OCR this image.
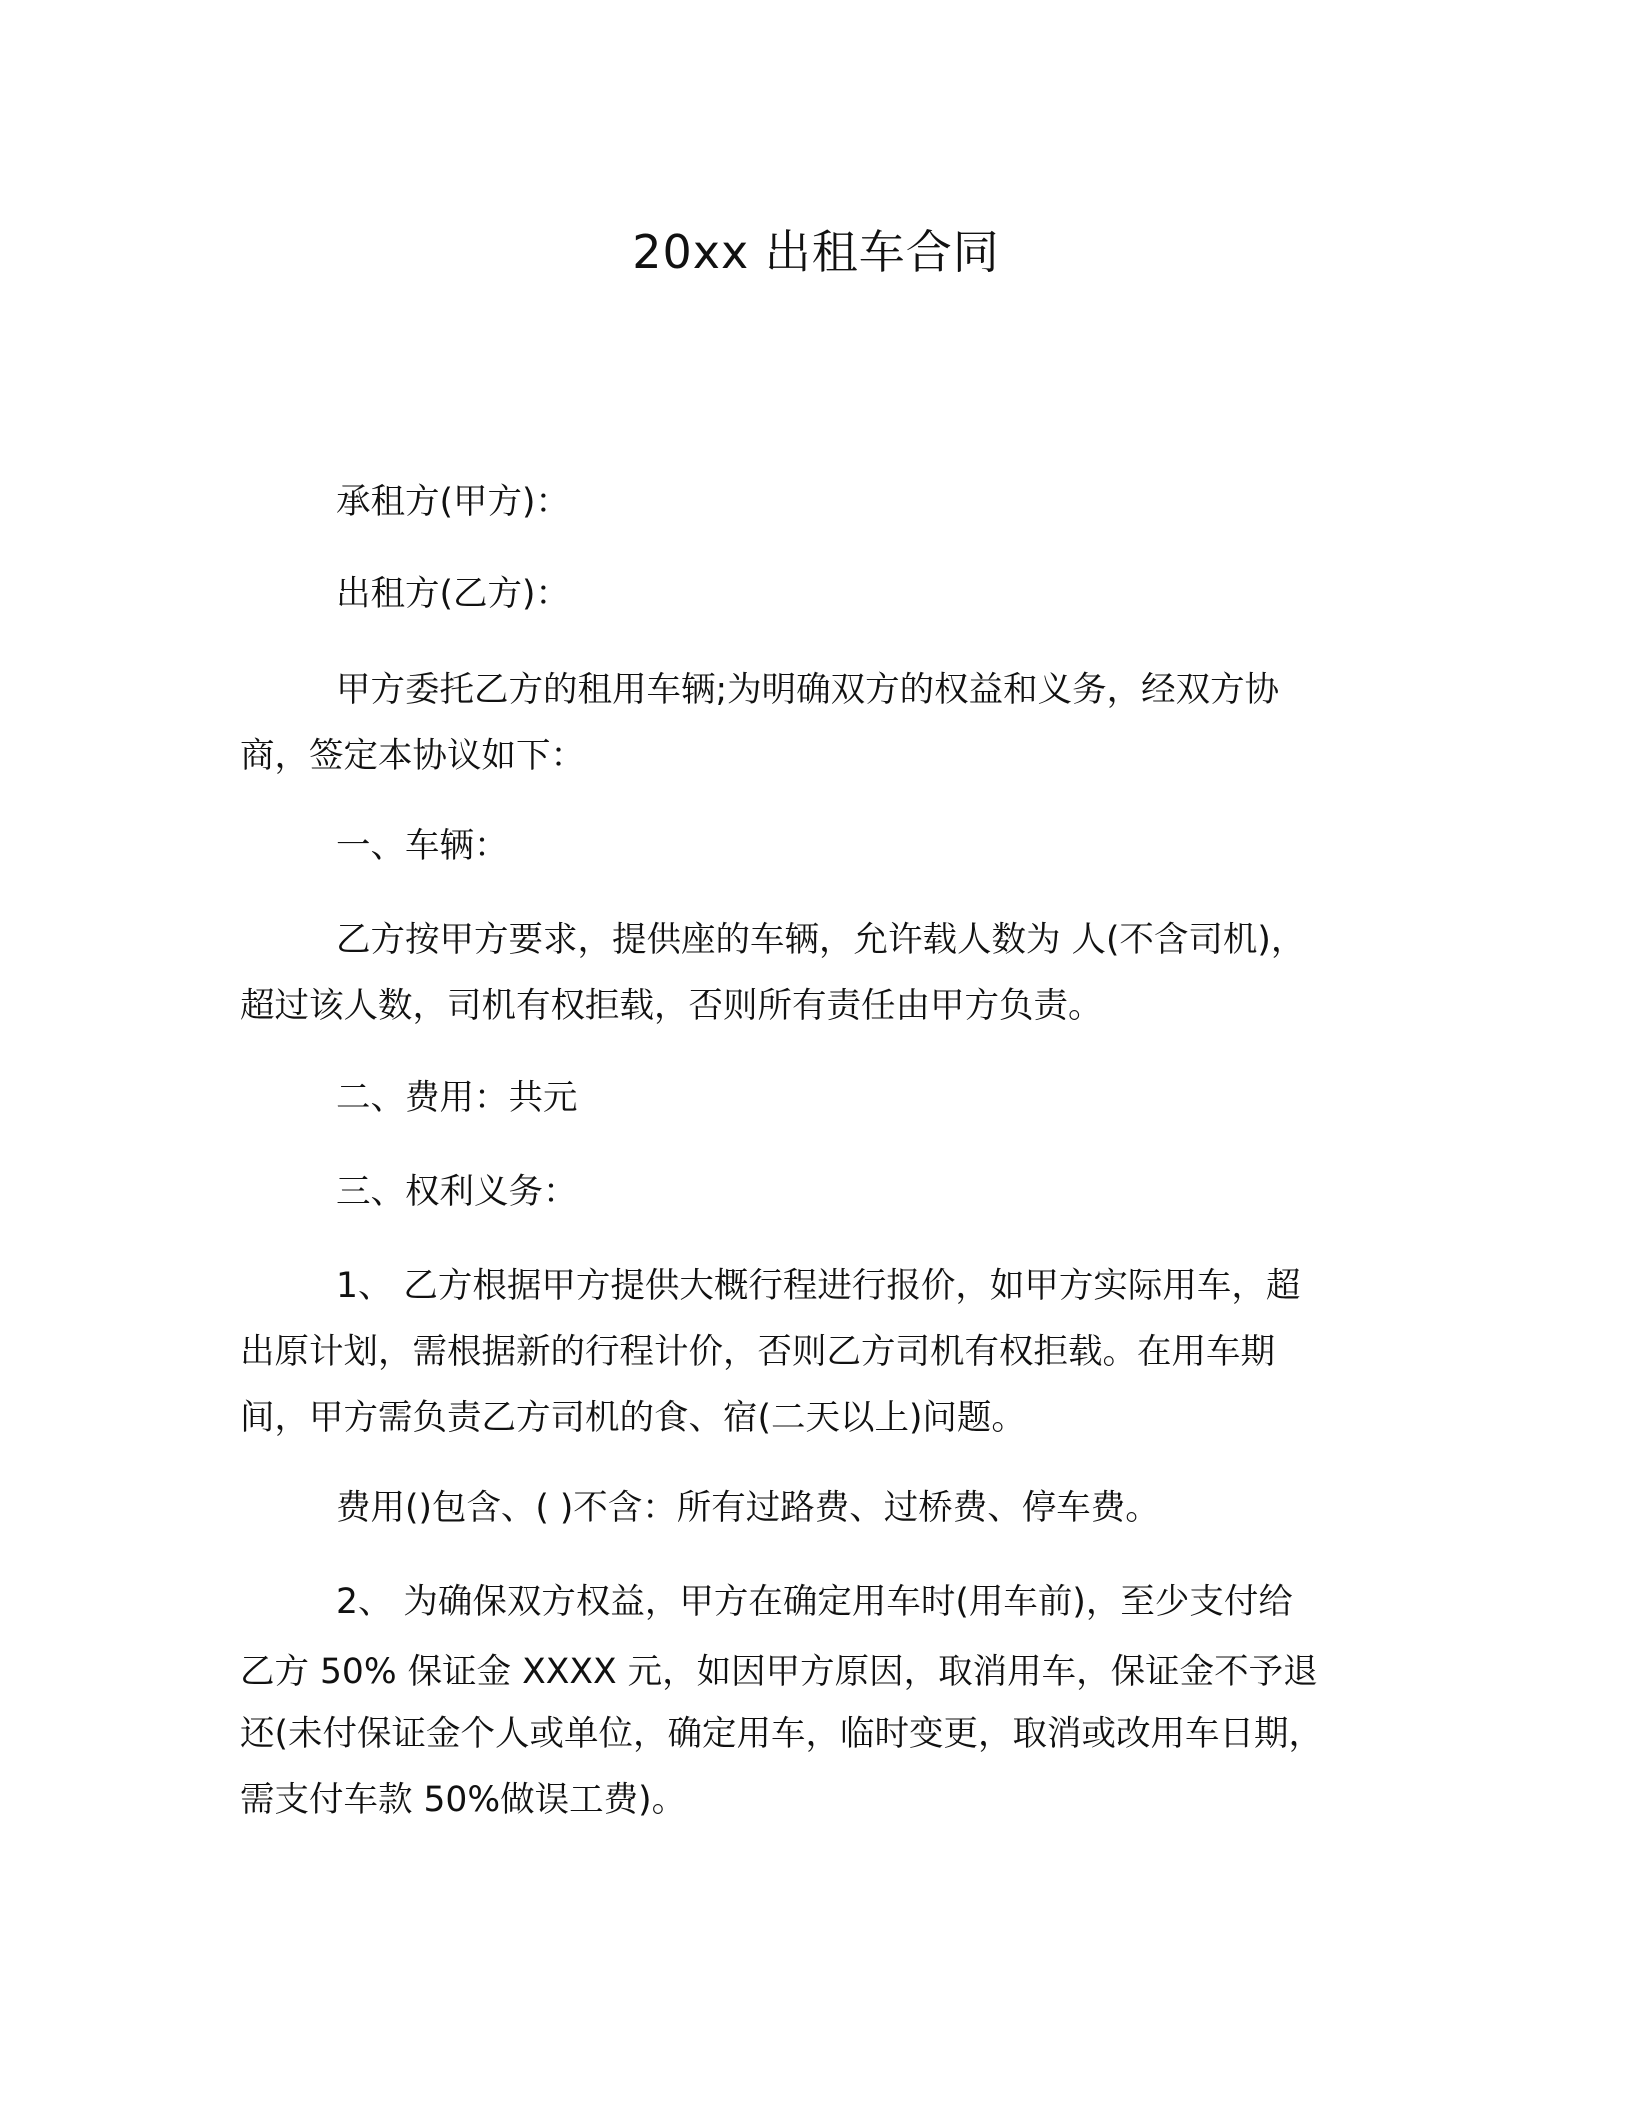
20xx 出租车合同
承租方(甲方)：
出租方(乙方)：
甲方委托乙方的租用车辆;为明确双方的权益和义务，经双方协
商，签定本协议如下：
一、车辆：
乙方按甲方要求，提供座的车辆，允许载人数为 人(不含司机)，
超过该人数，司机有权拒载，否则所有责任由甲方负责。
二、费用：共元
三、权利义务：
1、 乙方根据甲方提供大概行程进行报价，如甲方实际用车，超
出原计划，需根据新的行程计价，否则乙方司机有权拒载。在用车期
间，甲方需负责乙方司机的食、宿(二天以上)问题。
费用()包含、( )不含：所有过路费、过桥费、停车费。
2、 为确保双方权益，甲方在确定用车时(用车前)，至少支付给
乙方 50% 保证金 XXXX 元，如因甲方原因，取消用车，保证金不予退
还(未付保证金个人或单位，确定用车，临时变更，取消或改用车日期，
需支付车款 50%做误工费)。
